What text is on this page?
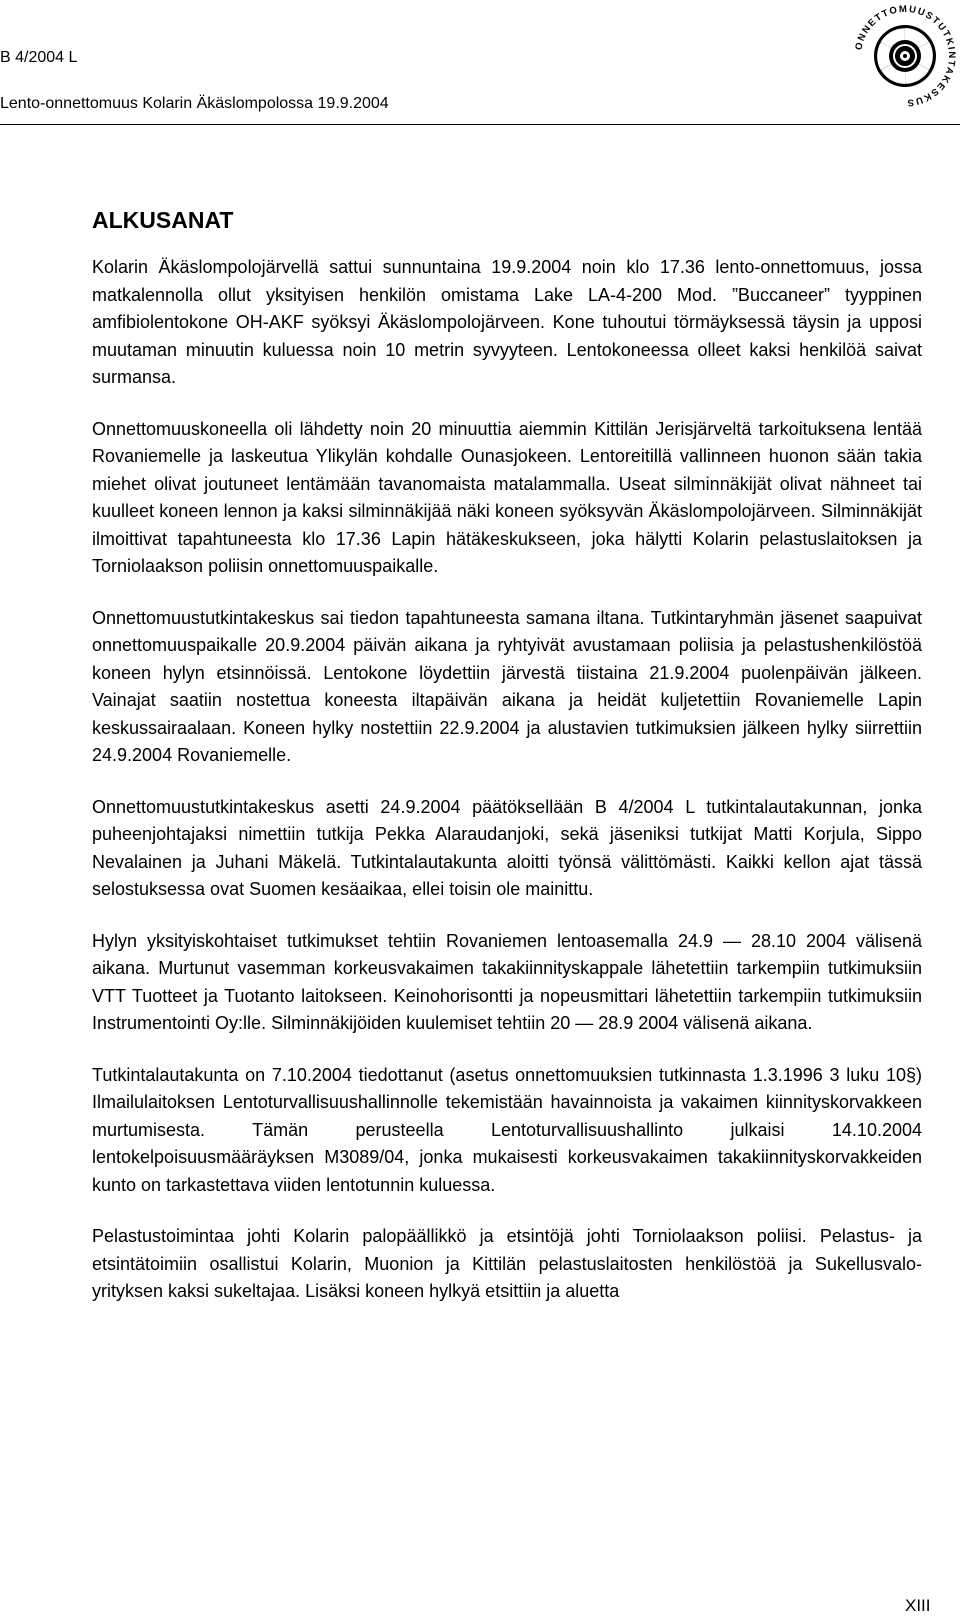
B 4/2004 L
Lento-onnettomuus Kolarin Äkäslompolossa 19.9.2004
ONNETTOMUUSTUTKINTAKESKUS
ALKUSANAT

Kolarin Äkäslompolojärvellä sattui sunnuntaina 19.9.2004 noin klo 17.36 lento-onnettomuus, jossa matkalennolla ollut yksityisen henkilön omistama Lake LA-4-200 Mod. ”Buccaneer” tyyppinen amfibiolentokone OH-AKF syöksyi Äkäslompolojärveen. Kone tuhoutui törmäyksessä täysin ja upposi muutaman minuutin kuluessa noin 10 metrin syvyyteen. Lentokoneessa olleet kaksi henkilöä saivat surmansa.

Onnettomuuskoneella oli lähdetty noin 20 minuuttia aiemmin Kittilän Jerisjärveltä tarkoituksena lentää Rovaniemelle ja laskeutua Ylikylän kohdalle Ounasjokeen. Lentoreitillä vallinneen huonon sään takia miehet olivat joutuneet lentämään tavanomaista matalammalla. Useat silminnäkijät olivat nähneet tai kuulleet koneen lennon ja kaksi silminnäkijää näki koneen syöksyvän Äkäslompolojärveen. Silminnäkijät ilmoittivat tapahtuneesta klo 17.36 Lapin hätäkeskukseen, joka hälytti Kolarin pelastuslaitoksen ja Torniolaakson poliisin onnettomuuspaikalle.

Onnettomuustutkintakeskus sai tiedon tapahtuneesta samana iltana. Tutkintaryhmän jäsenet saapuivat onnettomuuspaikalle 20.9.2004 päivän aikana ja ryhtyivät avustamaan poliisia ja pelastushenkilöstöä koneen hylyn etsinnöissä. Lentokone löydettiin järvestä tiistaina 21.9.2004 puolenpäivän jälkeen. Vainajat saatiin nostettua koneesta iltapäivän aikana ja heidät kuljetettiin Rovaniemelle Lapin keskussairaalaan. Koneen hylky nostettiin 22.9.2004 ja alustavien tutkimuksien jälkeen hylky siirrettiin 24.9.2004 Rovaniemelle.

Onnettomuustutkintakeskus asetti 24.9.2004 päätöksellään B 4/2004 L tutkintalautakunnan, jonka puheenjohtajaksi nimettiin tutkija Pekka Alaraudanjoki, sekä jäseniksi tutkijat Matti Korjula, Sippo Nevalainen ja Juhani Mäkelä. Tutkintalautakunta aloitti työnsä välittömästi. Kaikki kellon ajat tässä selostuksessa ovat Suomen kesäaikaa, ellei toisin ole mainittu.

Hylyn yksityiskohtaiset tutkimukset tehtiin Rovaniemen lentoasemalla 24.9 — 28.10 2004 välisenä aikana. Murtunut vasemman korkeusvakaimen takakiinnityskappale lähetettiin tarkempiin tutkimuksiin VTT Tuotteet ja Tuotanto laitokseen. Keinohorisontti ja nopeusmittari lähetettiin tarkempiin tutkimuksiin Instrumentointi Oy:lle. Silminnäkijöiden kuulemiset tehtiin 20 — 28.9 2004 välisenä aikana.

Tutkintalautakunta on 7.10.2004 tiedottanut (asetus onnettomuuksien tutkinnasta 1.3.1996 3 luku 10§) Ilmailulaitoksen Lentoturvallisuushallinnolle tekemistään havainnoista ja vakaimen kiinnityskorvakkeen murtumisesta. Tämän perusteella Lentoturvallisuushallinto julkaisi 14.10.2004 lentokelpoisuusmääräyksen M3089/04, jonka mukaisesti korkeusvakaimen takakiinnityskorvakkeiden kunto on tarkastettava viiden lentotunnin kuluessa.

Pelastustoimintaa johti Kolarin palopäällikkö ja etsintöjä johti Torniolaakson poliisi. Pelastus- ja etsintätoimiin osallistui Kolarin, Muonion ja Kittilän pelastuslaitosten henkilöstöä ja Sukellusvalo-yrityksen kaksi sukeltajaa. Lisäksi koneen hylkyä etsittiin ja aluetta

XIII
